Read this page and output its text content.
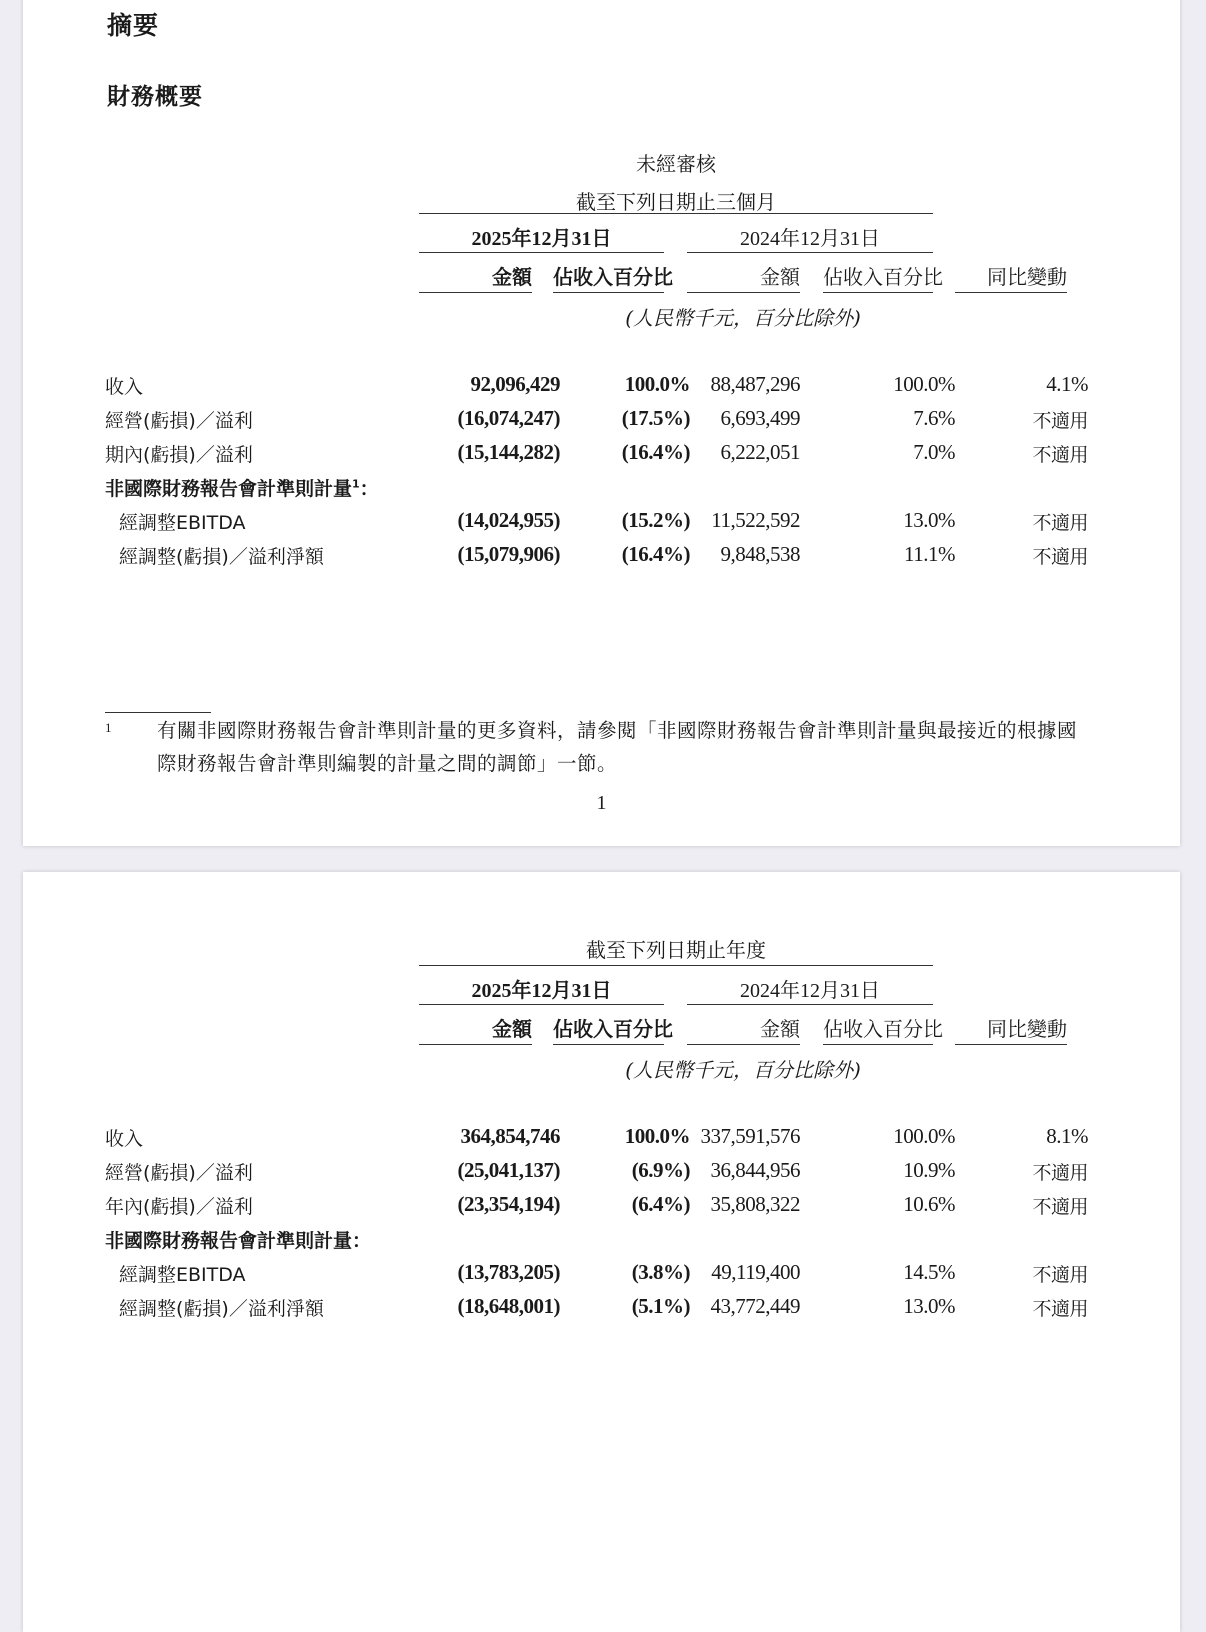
摘要
財務概要
未經審核
截至下列日期止三個月
2025年12月31日	2024年12月31日
金額 佔收入百分比	金額 佔收入百分比	同比變動
(人民幣千元，百分比除外)
收入	92,096,429	100.0% 88,487,296	100.0%	4.1%
經營(虧損)／溢利	(16,074,247)	(17.5%) 6,693,499	7.6%	不適用
期內(虧損)／溢利	(15,144,282)	(16.4%) 6,222,051	7.0%	不適用
非國際財務報告會計準則計量$^1$：
經調整EBITDA	(14,024,955)	(15.2%) 11,522,592	13.0%	不適用
經調整(虧損)／溢利淨額	(15,079,906)	(16.4%) 9,848,538	11.1%	不適用
1 有關非國際財務報告會計準則計量的更多資料，請參閱「非國際財務報告會計準則計量與最接近的根據國際財務報告會計準則編製的計量之間的調節」一節。
1
截至下列日期止年度
2025年12月31日	2024年12月31日
金額 佔收入百分比	金額 佔收入百分比	同比變動
(人民幣千元，百分比除外)
收入	364,854,746	100.0% 337,591,576	100.0%	8.1%
經營(虧損)／溢利	(25,041,137)	(6.9%) 36,844,956	10.9%	不適用
年內(虧損)／溢利	(23,354,194)	(6.4%) 35,808,322	10.6%	不適用
非國際財務報告會計準則計量：
經調整EBITDA	(13,783,205)	(3.8%) 49,119,400	14.5%	不適用
經調整(虧損)／溢利淨額	(18,648,001)	(5.1%) 43,772,449	13.0%	不適用
